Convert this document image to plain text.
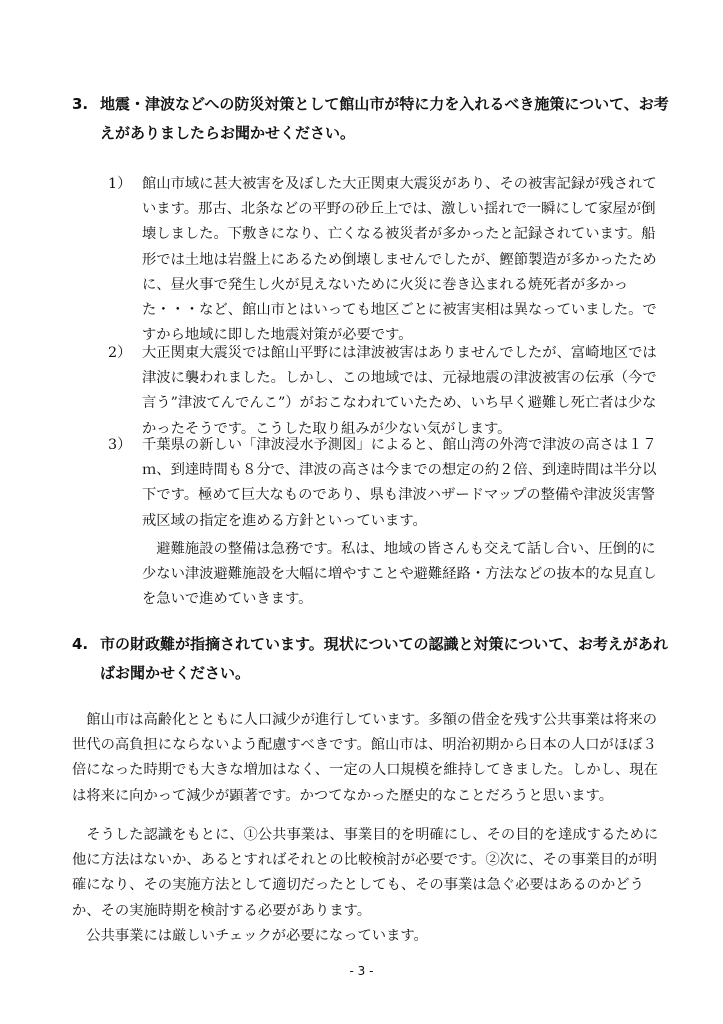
3. 地震・津波などへの防災対策として館山市が特に力を入れるべき施策について、お考えがありましたらお聞かせください。
1） 館山市域に甚大被害を及ぼした大正関東大震災があり、その被害記録が残されています。那古、北条などの平野の砂丘上では、激しい揺れで一瞬にして家屋が倒壊しました。下敷きになり、亡くなる被災者が多かったと記録されています。船形では土地は岩盤上にあるため倒壊しませんでしたが、鰹節製造が多かったために、昼火事で発生し火が見えないために火災に巻き込まれる焼死者が多かった・・・など、館山市とはいっても地区ごとに被害実相は異なっていました。ですから地域に即した地震対策が必要です。
2） 大正関東大震災では館山平野には津波被害はありませんでしたが、富崎地区では津波に襲われました。しかし、この地域では、元禄地震の津波被害の伝承（今で言う”津波てんでんこ”）がおこなわれていたため、いち早く避難し死亡者は少なかったそうです。こうした取り組みが少ない気がします。
3） 千葉県の新しい「津波浸水予測図」によると、館山湾の外湾で津波の高さは１７ｍ、到達時間も８分で、津波の高さは今までの想定の約２倍、到達時間は半分以下です。極めて巨大なものであり、県も津波ハザードマップの整備や津波災害警戒区域の指定を進める方針といっています。
避難施設の整備は急務です。私は、地域の皆さんも交えて話し合い、圧倒的に少ない津波避難施設を大幅に増やすことや避難経路・方法などの抜本的な見直しを急いで進めていきます。
4. 市の財政難が指摘されています。現状についての認識と対策について、お考えがあればお聞かせください。
館山市は高齢化とともに人口減少が進行しています。多額の借金を残す公共事業は将来の世代の高負担にならないよう配慮すべきです。館山市は、明治初期から日本の人口がほぼ３倍になった時期でも大きな増加はなく、一定の人口規模を維持してきました。しかし、現在は将来に向かって減少が顕著です。かつてなかった歴史的なことだろうと思います。
そうした認識をもとに、①公共事業は、事業目的を明確にし、その目的を達成するために他に方法はないか、あるとすればそれとの比較検討が必要です。②次に、その事業目的が明確になり、その実施方法として適切だったとしても、その事業は急ぐ必要はあるのかどうか、その実施時期を検討する必要があります。
公共事業には厳しいチェックが必要になっています。
- 3 -
